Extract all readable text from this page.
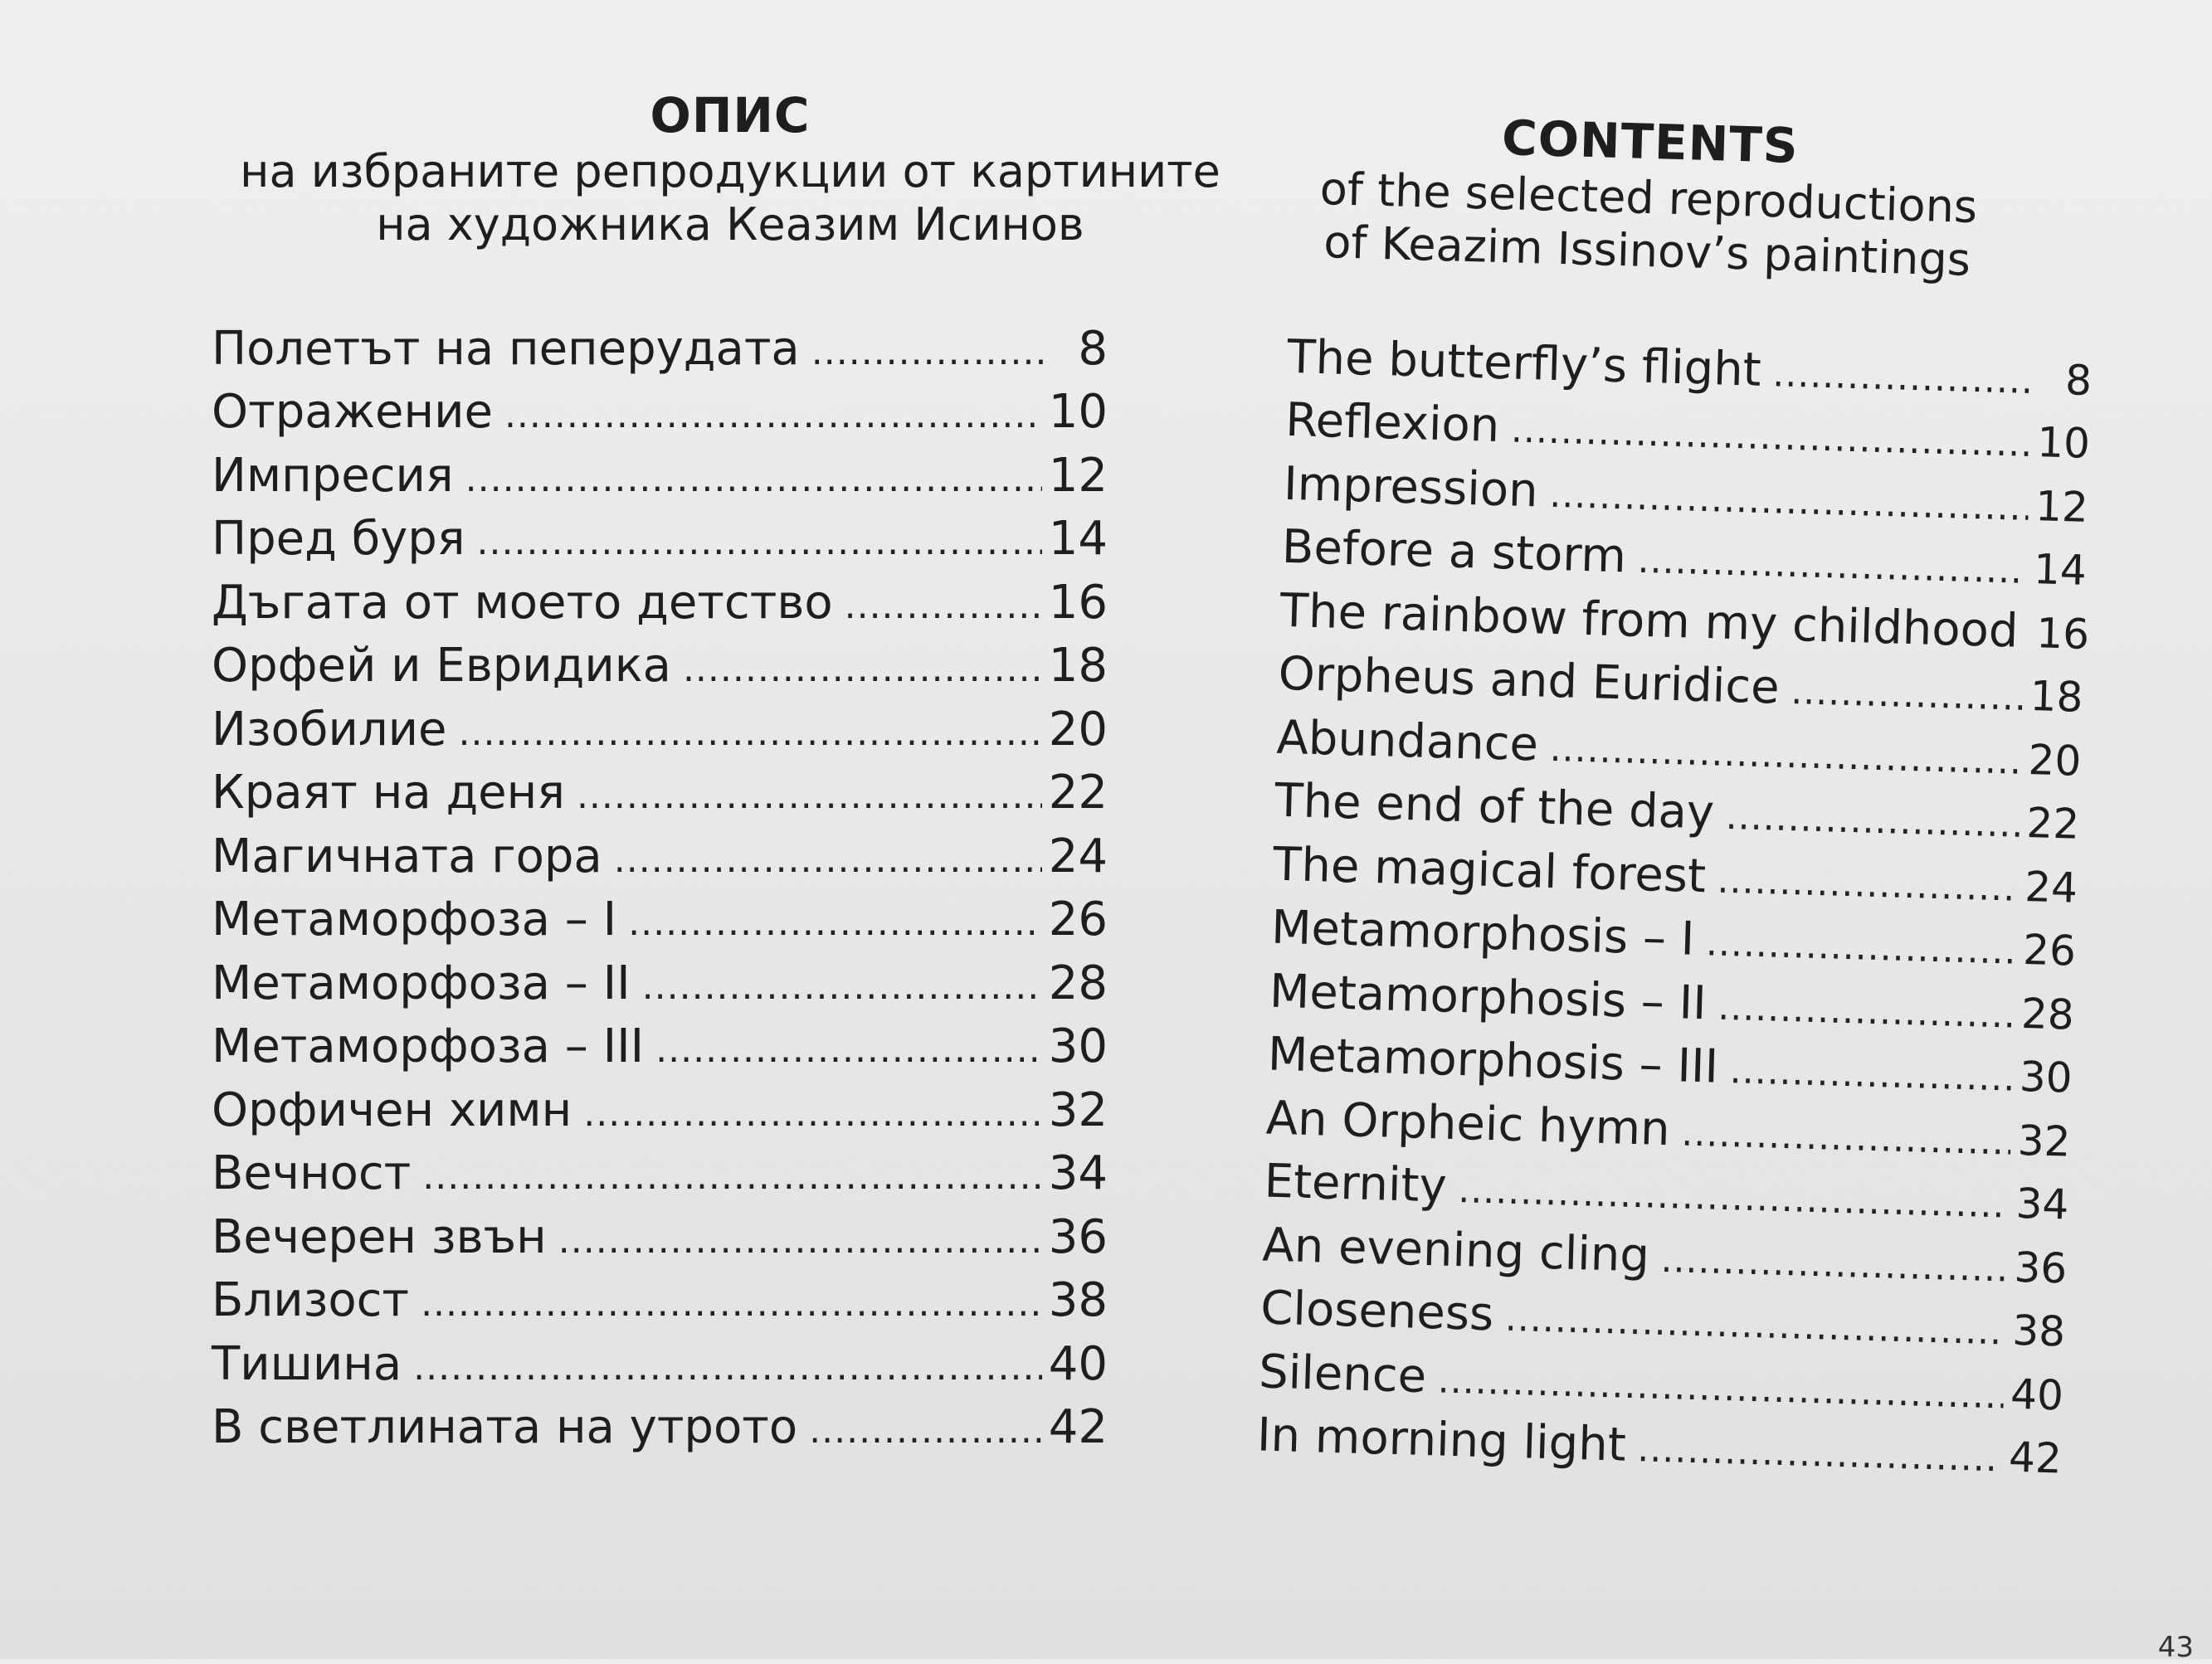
ОПИС
на избраните репродукции от картините
на художника Кеазим Исинов
Полетът на пеперудата .....	8
Отражение .....	10
Импресия .....	12
Пред буря .....	14
Дъгата от моето детство .....	16
Орфей и Евридика .....	18
Изобилие .....	20
Краят на деня .....	22
Магичната гора .....	24
Метаморфоза – I .....	26
Метаморфоза – II .....	28
Метаморфоза – III .....	30
Орфичен химн .....	32
Вечност .....	34
Вечерен звън .....	36
Близост .....	38
Тишина .....	40
В светлината на утрото .....	42
CONTENTS
of the selected reproductions
of Keazim Issinov’s paintings
The butterfly’s flight .....	8
Reflexion .....	10
Impression .....	12
Before a storm .....	14
The rainbow from my childhood ..... 16
Orpheus and Euridice .....	18
Abundance .....	20
The end of the day .....	22
The magical forest .....	24
Metamorphosis – I .....	26
Metamorphosis – II .....	28
Metamorphosis – III .....	30
An Orpheic hymn .....	32
Eternity .....	34
An evening cling .....	36
Closeness .....	38
Silence .....	40
In morning light .....	42
43
